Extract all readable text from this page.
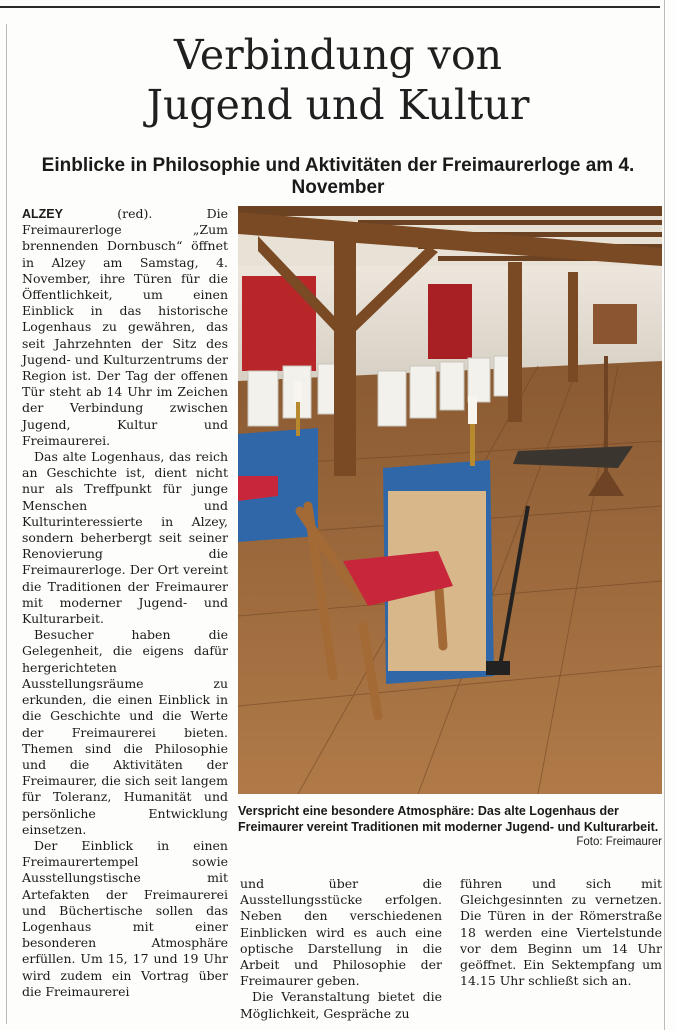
Verbindung von
Jugend und Kultur
Einblicke in Philosophie und Aktivitäten der Freimaurerloge am 4. November

ALZEY (red). Die Freimaurerloge „Zum brennenden Dornbusch“ öffnet in Alzey am Samstag, 4. November, ihre Türen für die Öffentlichkeit, um einen Einblick in das historische Logenhaus zu gewähren, das seit Jahrzehnten der Sitz des Jugend- und Kulturzentrums der Region ist. Der Tag der offenen Tür steht ab 14 Uhr im Zeichen der Verbindung zwischen Jugend, Kultur und Freimaurerei.

Das alte Logenhaus, das reich an Geschichte ist, dient nicht nur als Treffpunkt für junge Menschen und Kulturinteressierte in Alzey, sondern beherbergt seit seiner Renovierung die Freimaurerloge. Der Ort vereint die Traditionen der Freimaurer mit moderner Jugend- und Kulturarbeit.

Besucher haben die Gelegenheit, die eigens dafür hergerichteten Ausstellungsräume zu erkunden, die einen Einblick in die Geschichte und die Werte der Freimaurerei bieten. Themen sind die Philosophie und die Aktivitäten der Freimaurer, die sich seit langem für Toleranz, Humanität und persönliche Entwicklung einsetzen.

Der Einblick in einen Freimaurertempel sowie Ausstellungstische mit Artefakten der Freimaurerei und Büchertische sollen das Logenhaus mit einer besonderen Atmosphäre erfüllen. Um 15, 17 und 19 Uhr wird zudem ein Vortrag über die Freimaurerei

Verspricht eine besondere Atmosphäre: Das alte Logenhaus der Freimaurer vereint Traditionen mit moderner Jugend- und Kulturarbeit.
Foto: Freimaurer

und über die Ausstellungsstücke erfolgen. Neben den verschiedenen Einblicken wird es auch eine optische Darstellung in die Arbeit und Philosophie der Freimaurer geben.

Die Veranstaltung bietet die Möglichkeit, Gespräche zu

führen und sich mit Gleichgesinnten zu vernetzen. Die Türen in der Römerstraße 18 werden eine Viertelstunde vor dem Beginn um 14 Uhr geöffnet. Ein Sektempfang um 14.15 Uhr schließt sich an.
